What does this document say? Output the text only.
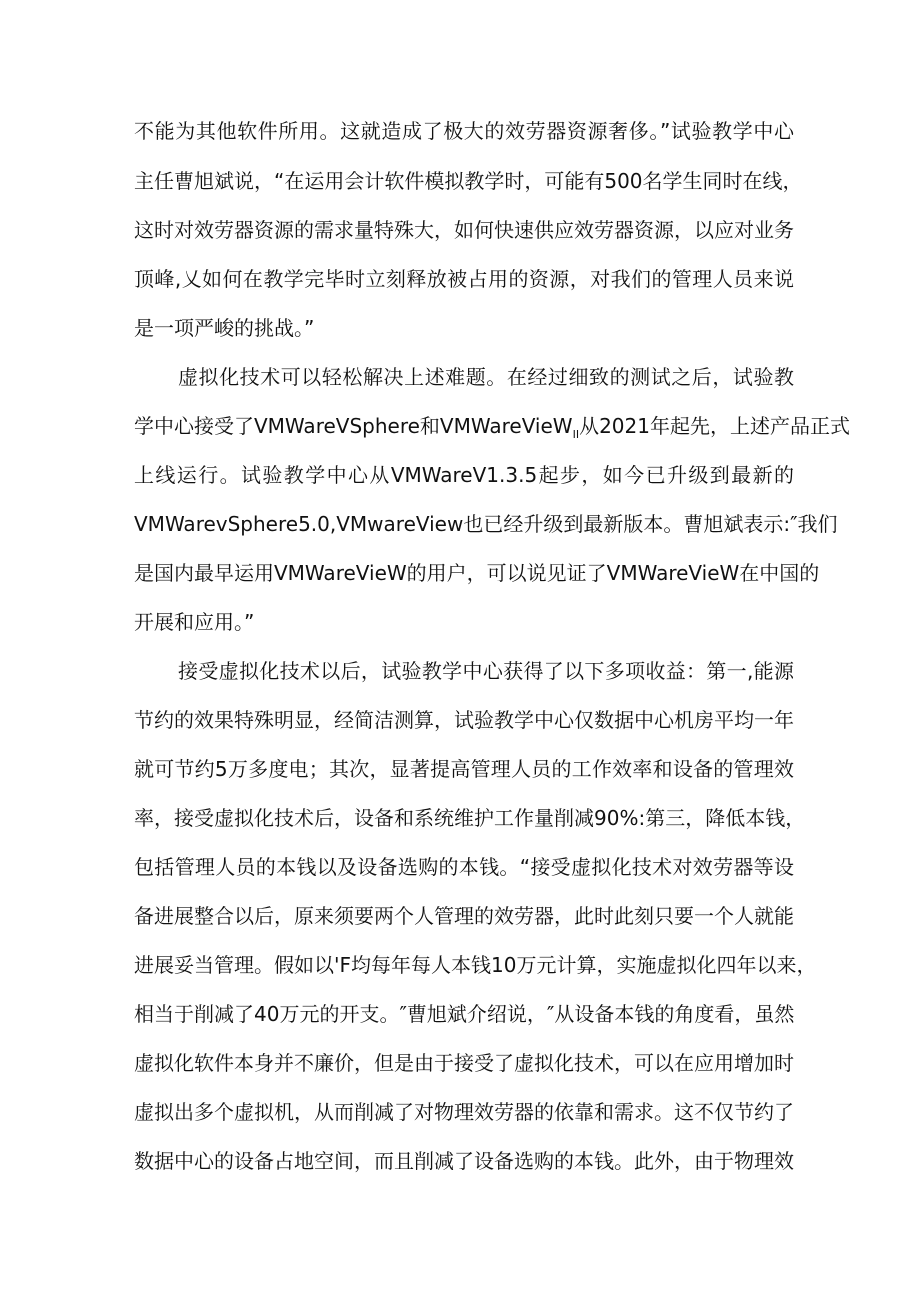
不能为其他软件所用。这就造成了极大的效劳器资源奢侈。”试验教学中心
主任曹旭斌说，“在运用会计软件模拟教学时，可能有500名学生同时在线，
这时对效劳器资源的需求量特殊大，如何快速供应效劳器资源，以应对业务
顶峰,乂如何在教学完毕时立刻释放被占用的资源，对我们的管理人员来说
是一项严峻的挑战。”
虚拟化技术可以轻松解决上述难题。在经过细致的测试之后，试验教
学中心接受了VMWareVSphere和VMWareVieW$_{II}$从2021年起先，上述产品正式
上线运行。试验教学中心从VMWareV1.3.5起步，如今已升级到最新的
VMWarevSphere5.0,VMwareView也已经升级到最新版本。曹旭斌表示:″我们
是国内最早运用VMWareVieW的用户，可以说见证了VMWareVieW在中国的
开展和应用。”
接受虚拟化技术以后，试验教学中心获得了以下多项收益：第一,能源
节约的效果特殊明显，经简洁测算，试验教学中心仅数据中心机房平均一年
就可节约5万多度电；其次，显著提高管理人员的工作效率和设备的管理效
率，接受虚拟化技术后，设备和系统维护工作量削减90%:第三，降低本钱，
包括管理人员的本钱以及设备选购的本钱。“接受虚拟化技术对效劳器等设
备进展整合以后，原来须要两个人管理的效劳器，此时此刻只要一个人就能
进展妥当管理。假如以'F均每年每人本钱10万元计算，实施虚拟化四年以来，
相当于削减了40万元的开支。″曹旭斌介绍说，″从设备本钱的角度看，虽然
虚拟化软件本身并不廉价，但是由于接受了虚拟化技术，可以在应用增加时
虚拟出多个虚拟机，从而削减了对物理效劳器的依靠和需求。这不仅节约了
数据中心的设备占地空间，而且削减了设备选购的本钱。此外，由于物理效
